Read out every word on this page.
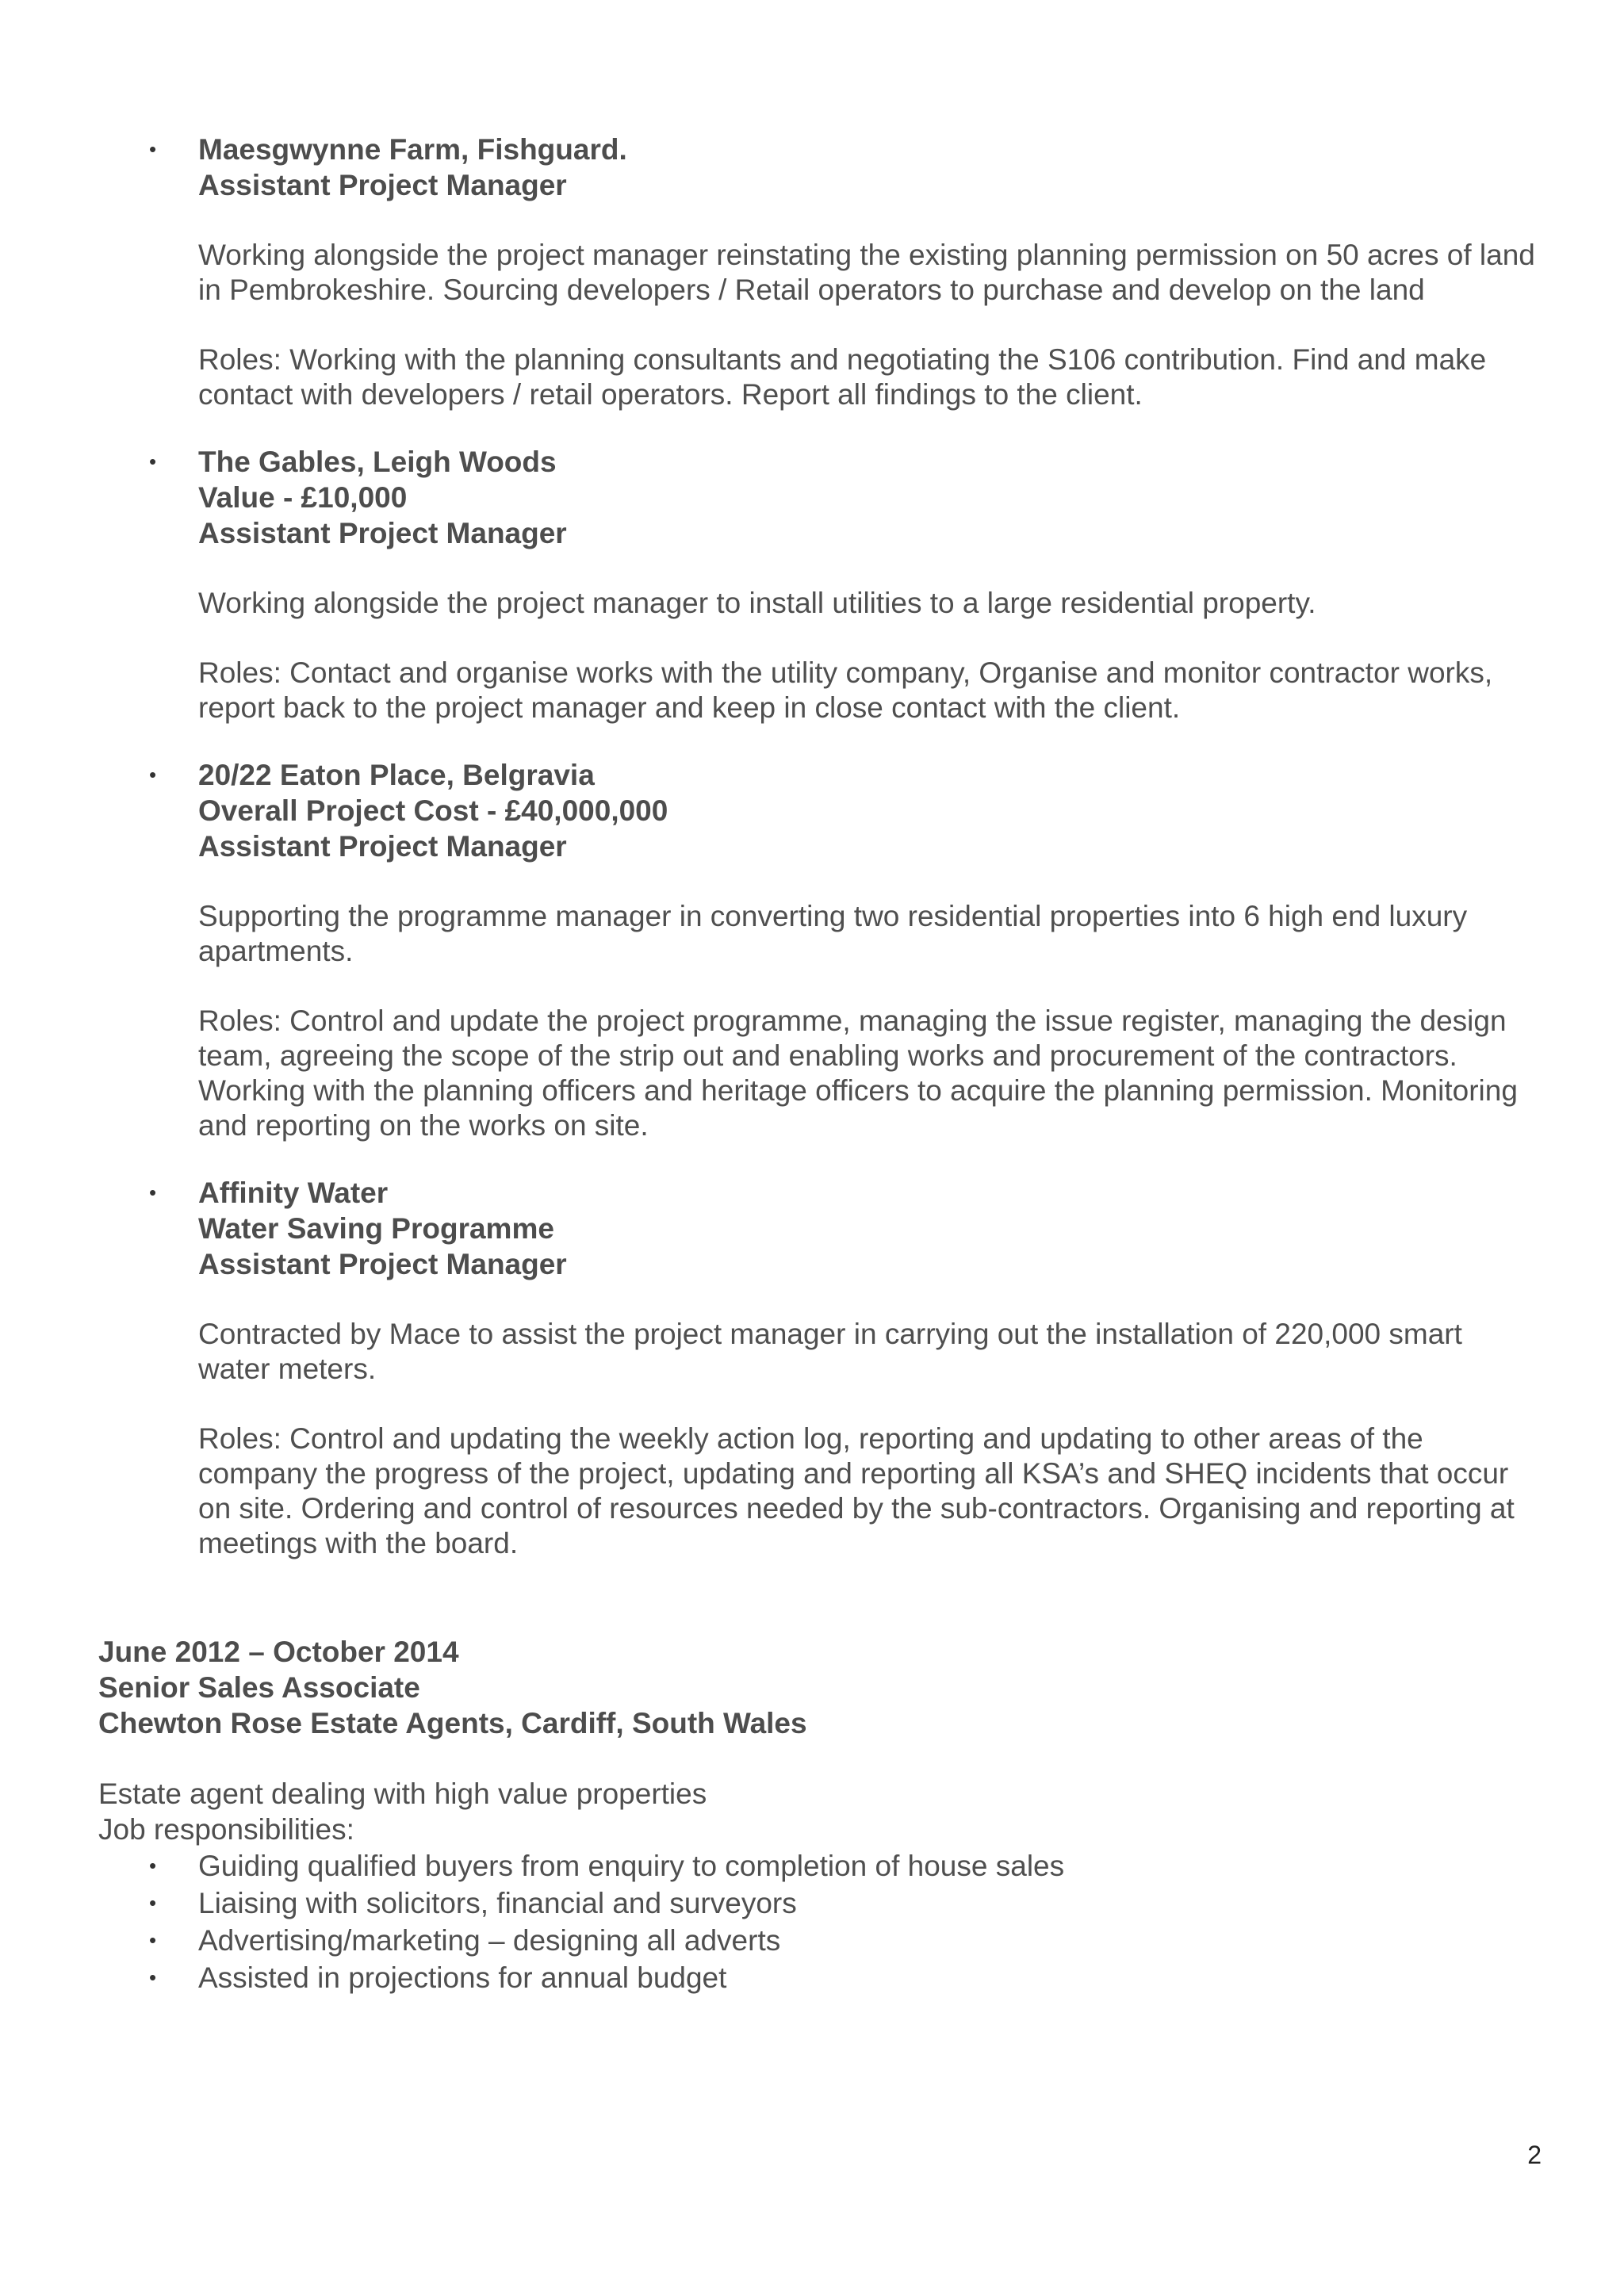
• Maesgwynne Farm, Fishguard.
Assistant Project Manager

Working alongside the project manager reinstating the existing planning permission on 50 acres of land in Pembrokeshire. Sourcing developers / Retail operators to purchase and develop on the land

Roles: Working with the planning consultants and negotiating the S106 contribution. Find and make contact with developers / retail operators. Report all findings to the client.

• The Gables, Leigh Woods
Value - £10,000
Assistant Project Manager

Working alongside the project manager to install utilities to a large residential property.

Roles: Contact and organise works with the utility company, Organise and monitor contractor works, report back to the project manager and keep in close contact with the client.

• 20/22 Eaton Place, Belgravia
Overall Project Cost - £40,000,000
Assistant Project Manager

Supporting the programme manager in converting two residential properties into 6 high end luxury apartments.

Roles: Control and update the project programme, managing the issue register, managing the design team, agreeing the scope of the strip out and enabling works and procurement of the contractors. Working with the planning officers and heritage officers to acquire the planning permission. Monitoring and reporting on the works on site.

• Affinity Water
Water Saving Programme
Assistant Project Manager

Contracted by Mace to assist the project manager in carrying out the installation of 220,000 smart water meters.

Roles: Control and updating the weekly action log, reporting and updating to other areas of the company the progress of the project, updating and reporting all KSA’s and SHEQ incidents that occur on site. Ordering and control of resources needed by the sub-contractors. Organising and reporting at meetings with the board.

June 2012 – October 2014
Senior Sales Associate
Chewton Rose Estate Agents, Cardiff, South Wales

Estate agent dealing with high value properties

Job responsibilities:

• Guiding qualified buyers from enquiry to completion of house sales
• Liaising with solicitors, financial and surveyors
• Advertising/marketing – designing all adverts
• Assisted in projections for annual budget
2
